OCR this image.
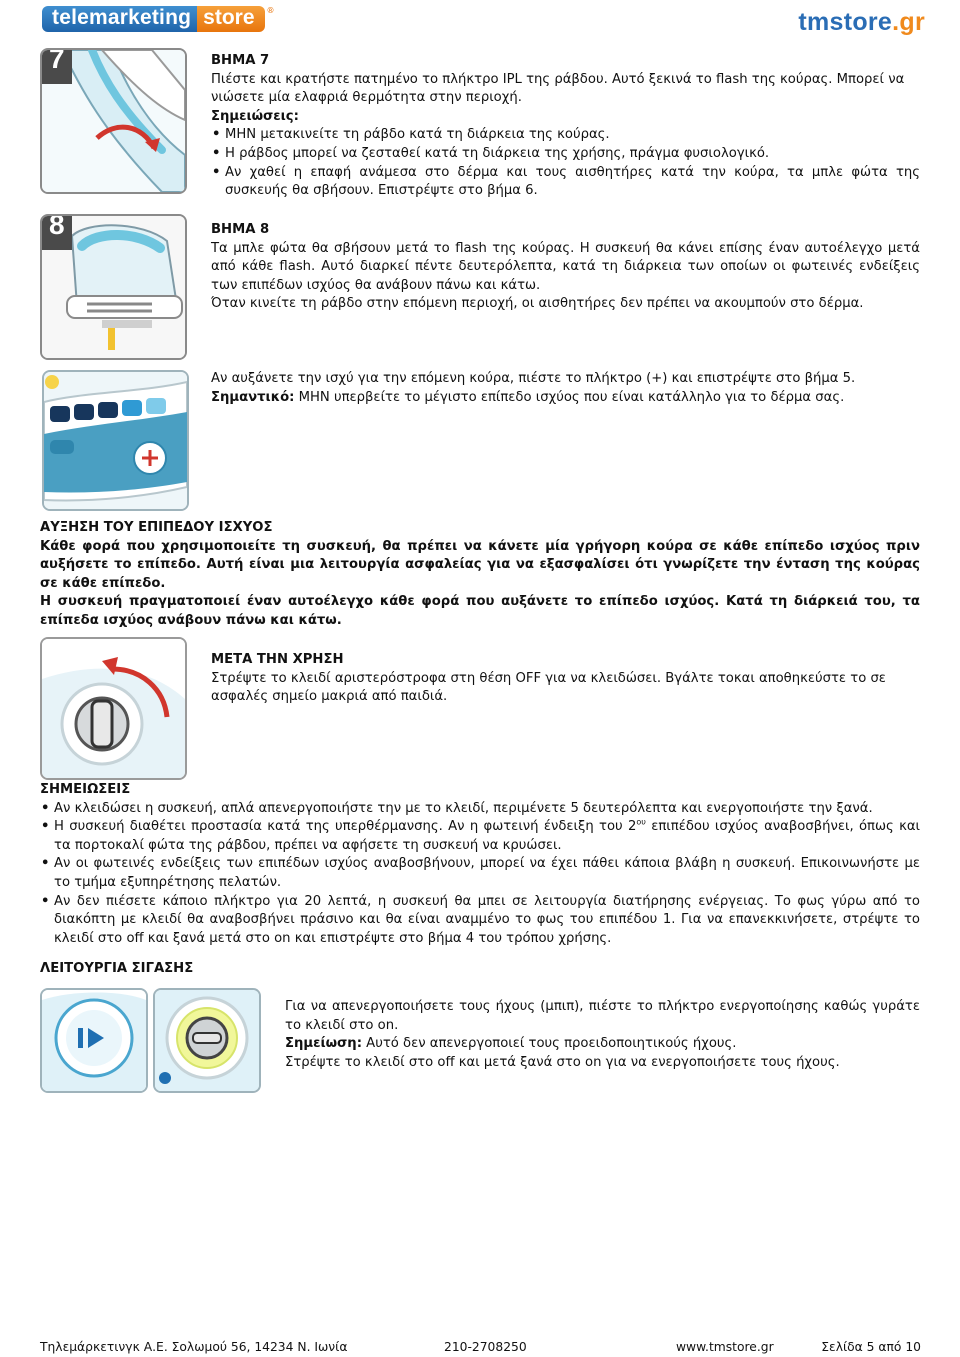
telemarketing store	®	tmstore.gr
7
8

ΒΗΜΑ 7

Πιέστε και κρατήστε πατημένο το πλήκτρο IPL της ράβδου. Αυτό ξεκινά το flash της κούρας. Μπορεί να νιώσετε μία ελαφριά θερμότητα στην περιοχή.

Σημειώσεις:

• ΜΗΝ μετακινείτε τη ράβδο κατά τη διάρκεια της κούρας.
• Η ράβδος μπορεί να ζεσταθεί κατά τη διάρκεια της χρήσης, πράγμα φυσιολογικό.
• Αν χαθεί η επαφή ανάμεσα στο δέρμα και τους αισθητήρες κατά την κούρα, τα μπλε φώτα της συσκευής θα σβήσουν. Επιστρέψτε στο βήμα 6.

ΒΗΜΑ 8

Τα μπλε φώτα θα σβήσουν μετά το flash της κούρας. Η συσκευή θα κάνει επίσης έναν αυτοέλεγχο μετά από κάθε flash. Αυτό διαρκεί πέντε δευτερόλεπτα, κατά τη διάρκεια των οποίων οι φωτεινές ενδείξεις των επιπέδων ισχύος θα ανάβουν πάνω και κάτω.

Όταν κινείτε τη ράβδο στην επόμενη περιοχή, οι αισθητήρες δεν πρέπει να ακουμπούν στο δέρμα.

Αν αυξάνετε την ισχύ για την επόμενη κούρα, πιέστε το πλήκτρο (+) και επιστρέψτε στο βήμα 5.

Σημαντικό: ΜΗΝ υπερβείτε το μέγιστο επίπεδο ισχύος που είναι κατάλληλο για το δέρμα σας.

ΑΥΞΗΣΗ ΤΟΥ ΕΠΙΠΕΔΟΥ ΙΣΧΥΟΣ

Κάθε φορά που χρησιμοποιείτε τη συσκευή, θα πρέπει να κάνετε μία γρήγορη κούρα σε κάθε επίπεδο ισχύος πριν αυξήσετε το επίπεδο. Αυτή είναι μια λειτουργία ασφαλείας για να εξασφαλίσει ότι γνωρίζετε την ένταση της κούρας σε κάθε επίπεδο.

Η συσκευή πραγματοποιεί έναν αυτοέλεγχο κάθε φορά που αυξάνετε το επίπεδο ισχύος. Κατά τη διάρκειά του, τα επίπεδα ισχύος ανάβουν πάνω και κάτω.

ΜΕΤΑ ΤΗΝ ΧΡΗΣΗ

Στρέψτε το κλειδί αριστερόστροφα στη θέση OFF για να κλειδώσει. Βγάλτε τοκαι αποθηκεύστε το σε ασφαλές σημείο μακριά από παιδιά.

ΣΗΜΕΙΩΣΕΙΣ

• Αν κλειδώσει η συσκευή, απλά απενεργοποιήστε την με το κλειδί, περιμένετε 5 δευτερόλεπτα και ενεργοποιήστε την ξανά.
• Η συσκευή διαθέτει προστασία κατά της υπερθέρμανσης. Αν η φωτεινή ένδειξη του $2^{o\upsilon}$ επιπέδου ισχύος αναβοσβήνει, όπως και τα πορτοκαλί φώτα της ράβδου, πρέπει να αφήσετε τη συσκευή να κρυώσει.
• Αν οι φωτεινές ενδείξεις των επιπέδων ισχύος αναβοσβήνουν, μπορεί να έχει πάθει κάποια βλάβη η συσκευή. Επικοινωνήστε με το τμήμα εξυπηρέτησης πελατών.
• Αν δεν πιέσετε κάποιο πλήκτρο για 20 λεπτά, η συσκευή θα μπει σε λειτουργία διατήρησης ενέργειας. Το φως γύρω από το διακόπτη με κλειδί θα αναβοσβήνει πράσινο και θα είναι αναμμένο το φως του επιπέδου 1. Για να επανεκκινήσετε, στρέψτε το κλειδί στο off και ξανά μετά στο on και επιστρέψτε στο βήμα 4 του τρόπου χρήσης.
ΛΕΙΤΟΥΡΓΙΑ ΣΙΓΑΣΗΣ

Για να απενεργοποιήσετε τους ήχους (μπιπ), πιέστε το πλήκτρο ενεργοποίησης καθώς γυράτε το κλειδί στο on.

Σημείωση: Αυτό δεν απενεργοποιεί τους προειδοποιητικούς ήχους.

Στρέψτε το κλειδί στο off και μετά ξανά στο on για να ενεργοποιήσετε τους ήχους.

Τηλεμάρκετινγκ Α.Ε. Σολωμού 56, 14234 Ν. Ιωνία	210-2708250	www.tmstore.gr	Σελίδα 5 από 10
